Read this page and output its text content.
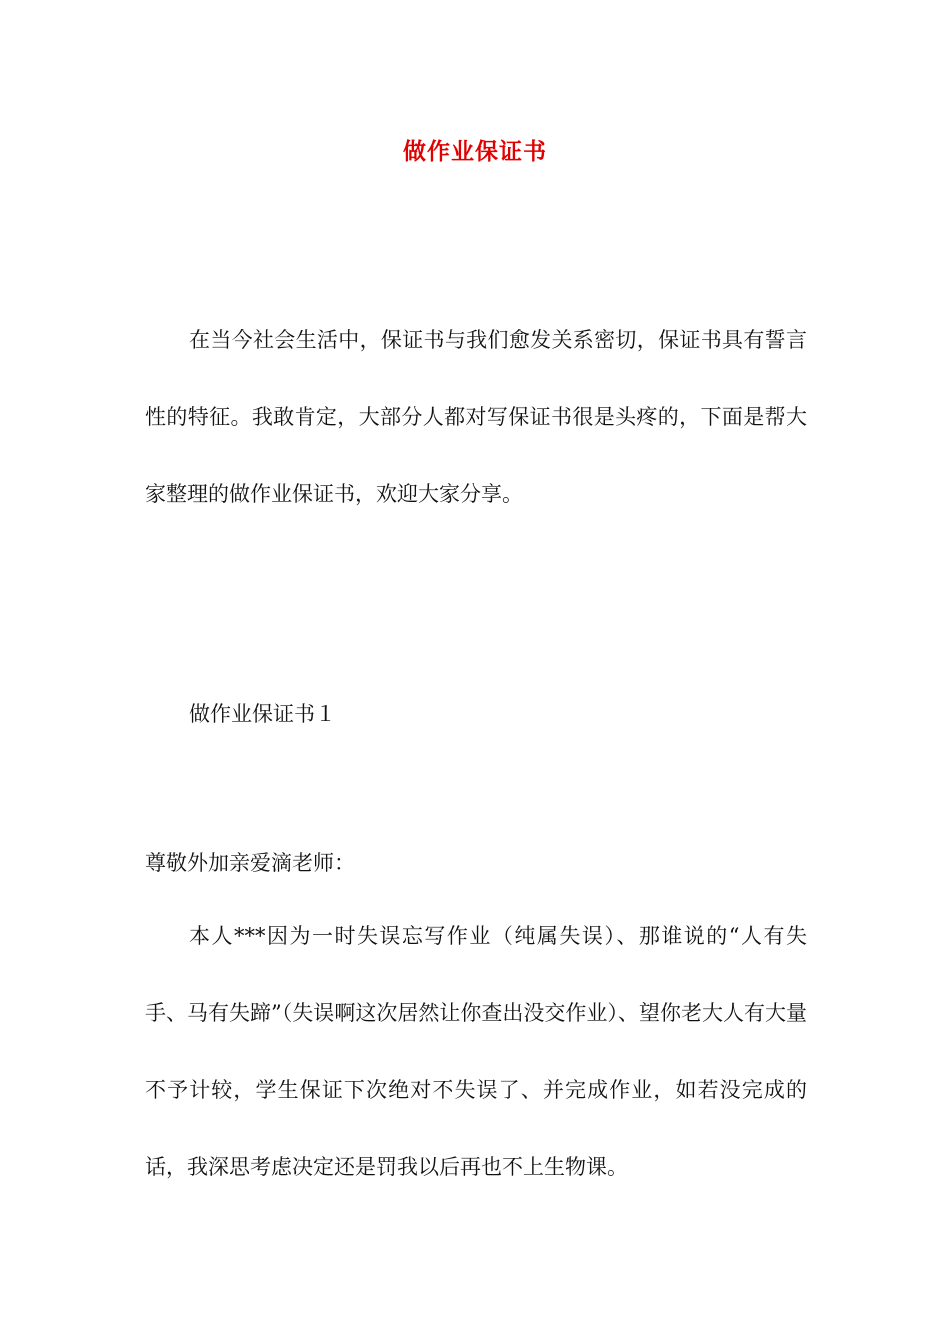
做作业保证书

在当今社会生活中，保证书与我们愈发关系密切，保证书具有誓言性的特征。我敢肯定，大部分人都对写保证书很是头疼的，下面是帮大家整理的做作业保证书，欢迎大家分享。

做作业保证书１
尊敬外加亲爱滴老师：

本人***因为一时失误忘写作业（纯属失误）、那谁说的“人有失手、马有失蹄”（失误啊这次居然让你查出没交作业）、望你老大人有大量不予计较，学生保证下次绝对不失误了、并完成作业，如若没完成的话，我深思考虑决定还是罚我以后再也不上生物课。
